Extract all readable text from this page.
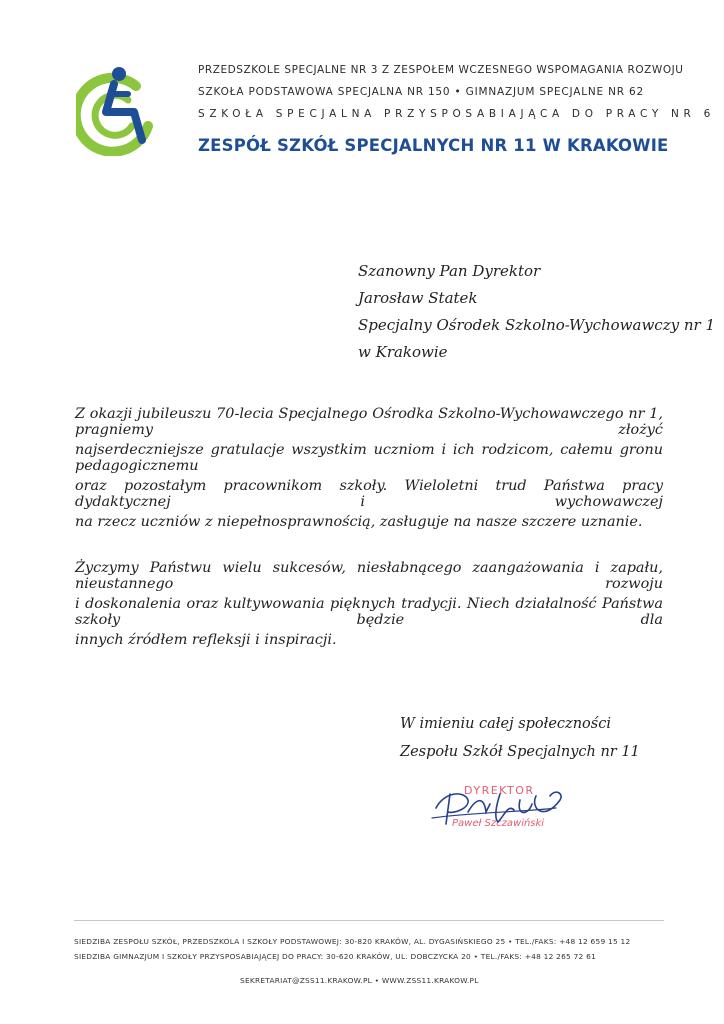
PRZEDSZKOLE SPECJALNE NR 3 Z ZESPOŁEM WCZESNEGO WSPOMAGANIA ROZWOJU
SZKOŁA PODSTAWOWA SPECJALNA NR 150 • GIMNAZJUM SPECJALNE NR 62
SZKOŁA SPECJALNA PRZYSPOSABIAJĄCA DO PRACY NR 6
ZESPÓŁ SZKÓŁ SPECJALNYCH NR 11 W KRAKOWIE
Szanowny Pan Dyrektor
Jarosław Statek
Specjalny Ośrodek Szkolno-Wychowawczy nr 1
w Krakowie
Z okazji jubileuszu 70-lecia Specjalnego Ośrodka Szkolno-Wychowawczego nr 1, pragniemy złożyć
najserdeczniejsze gratulacje wszystkim uczniom i ich rodzicom, całemu gronu pedagogicznemu
oraz pozostałym pracownikom szkoły. Wieloletni trud Państwa pracy dydaktycznej i wychowawczej
na rzecz uczniów z niepełnosprawnością, zasługuje na nasze szczere uznanie.
Życzymy Państwu wielu sukcesów, niesłabnącego zaangażowania i zapału, nieustannego rozwoju
i doskonalenia oraz kultywowania pięknych tradycji. Niech działalność Państwa szkoły będzie dla
innych źródłem refleksji i inspiracji.
W imieniu całej społeczności
Zespołu Szkół Specjalnych nr 11
DYREKTOR
Paweł Szczawiński
SIEDZIBA ZESPOŁU SZKÓŁ, PRZEDSZKOLA I SZKOŁY PODSTAWOWEJ: 30-820 KRAKÓW, AL. DYGASIŃSKIEGO 25 • TEL./FAKS: +48 12 659 15 12
SIEDZIBA GIMNAZJUM I SZKOŁY PRZYSPOSABIAJĄCEJ DO PRACY: 30-620 KRAKÓW, UL. DOBCZYCKA 20 • TEL./FAKS: +48 12 265 72 61
SEKRETARIAT@ZSS11.KRAKOW.PL • WWW.ZSS11.KRAKOW.PL
